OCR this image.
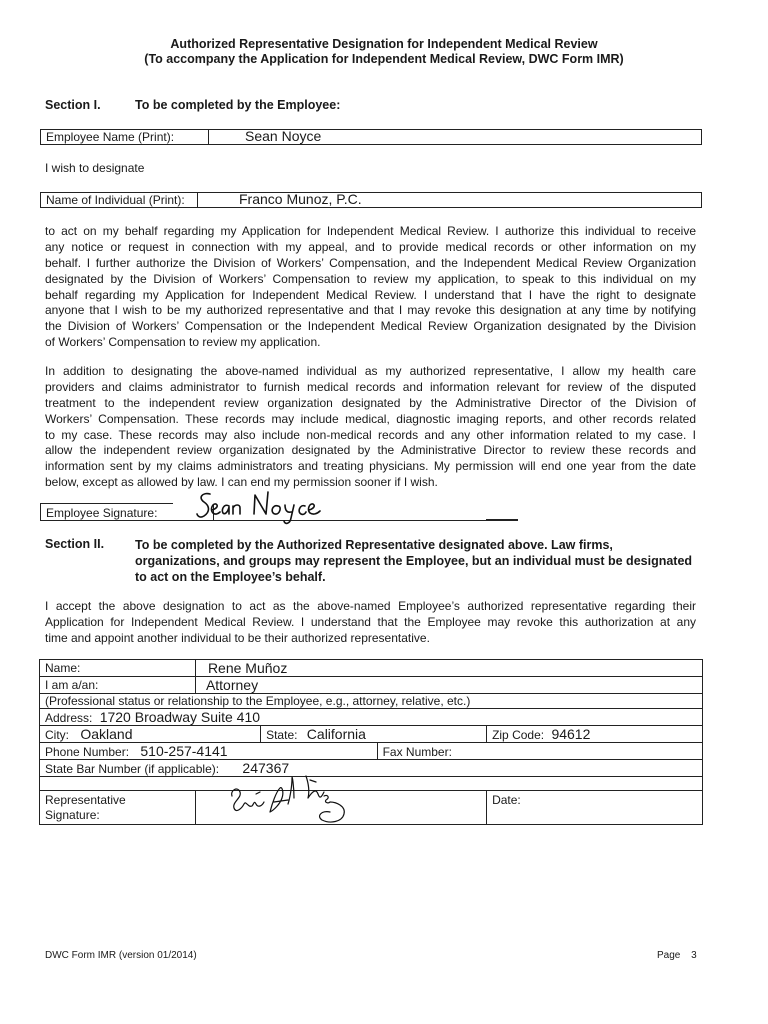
Authorized Representative Designation for Independent Medical Review
(To accompany the Application for Independent Medical Review, DWC Form IMR)
Section I.	To be completed by the Employee:
Employee Name (Print):	Sean Noyce
I wish to designate
Name of Individual (Print):	Franco Munoz, P.C.
to act on my behalf regarding my Application for Independent Medical Review. I authorize this individual to receive
any notice or request in connection with my appeal, and to provide medical records or other information on my
behalf. I further authorize the Division of Workers’ Compensation, and the Independent Medical Review Organization
designated by the Division of Workers’ Compensation to review my application, to speak to this individual on my
behalf regarding my Application for Independent Medical Review. I understand that I have the right to designate
anyone that I wish to be my authorized representative and that I may revoke this designation at any time by notifying
the Division of Workers’ Compensation or the Independent Medical Review Organization designated by the Division
of Workers’ Compensation to review my application.
In addition to designating the above-named individual as my authorized representative, I allow my health care
providers and claims administrator to furnish medical records and information relevant for review of the disputed
treatment to the independent review organization designated by the Administrative Director of the Division of
Workers’ Compensation. These records may include medical, diagnostic imaging reports, and other records related
to my case. These records may also include non-medical records and any other information related to my case. I
allow the independent review organization designated by the Administrative Director to review these records and
information sent by my claims administrators and treating physicians. My permission will end one year from the date
below, except as allowed by law. I can end my permission sooner if I wish.
Employee Signature:
Section II. To be completed by the Authorized Representative designated above. Law firms, organizations, and groups may represent the Employee, but an individual must be designated to act on the Employee’s behalf.
I accept the above designation to act as the above-named Employee’s authorized representative regarding their
Application for Independent Medical Review. I understand that the Employee may revoke this authorization at any
time and appoint another individual to be their authorized representative.
Name:	Rene Muñoz			
I am a/an:	Attorney			
(Professional status or relationship to the Employee, e.g., attorney, relative, etc.)				
Address: 1720 Broadway Suite 410				
City: Oakland		State: California		Zip Code: 94612
Phone Number: 510-257-4141			Fax Number:	
State Bar Number (if applicable): 247367				

Representative
Signature:				Date:
DWC Form IMR (version 01/2014)	Page 3
